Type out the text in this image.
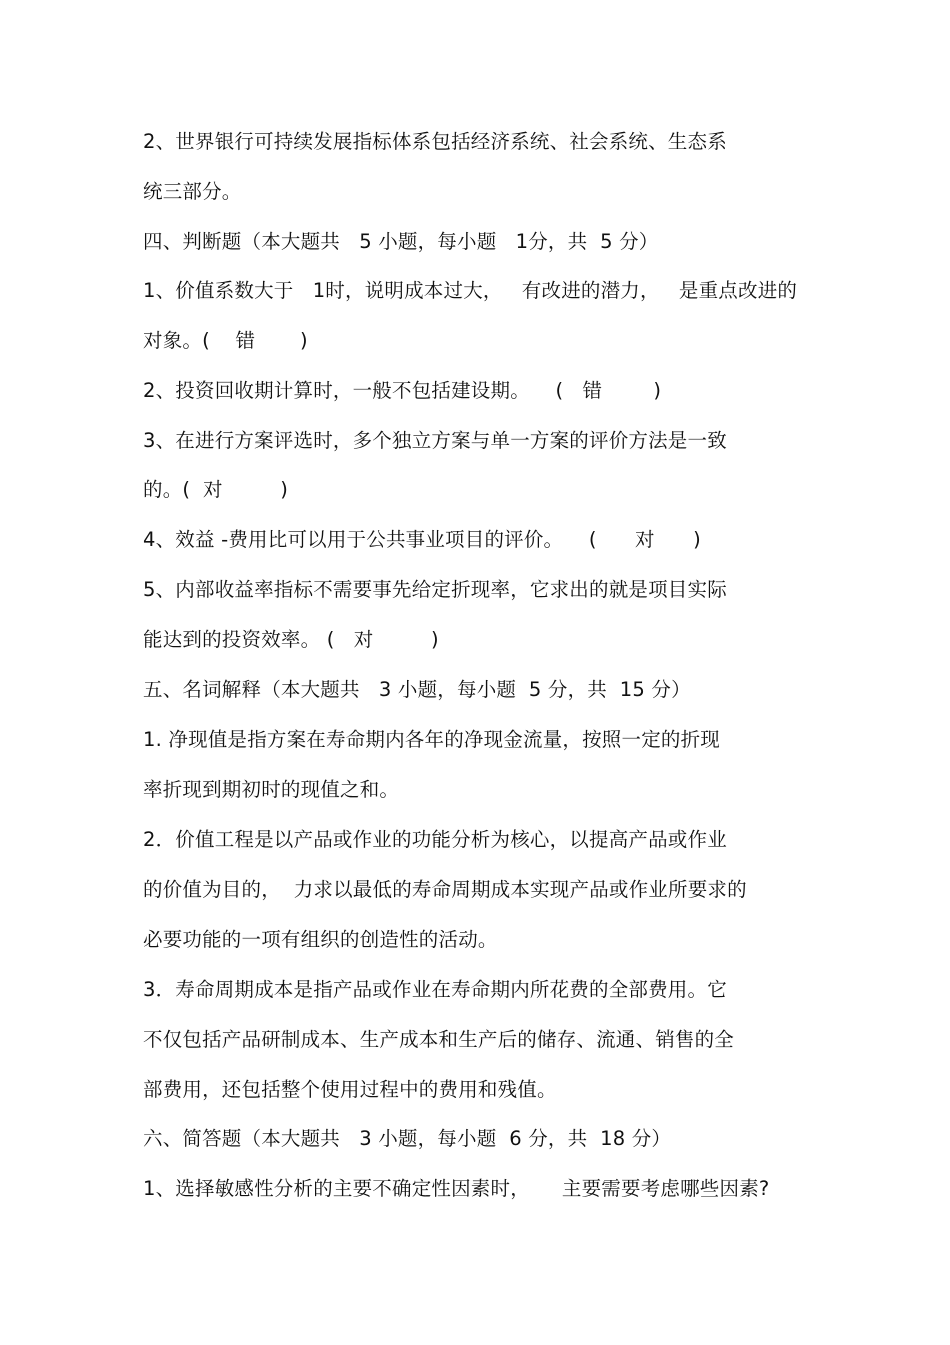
2、世界银行可持续发展指标体系包括经济系统、社会系统、生态系
统三部分。
四、判断题（本大题共   5 小题，每小题   1分，共  5 分）
1、价值系数大于   1时，说明成本过大，   有改进的潜力，   是重点改进的
对象。(    错       )
2、投资回收期计算时，一般不包括建设期。    (   错        )
3、在进行方案评选时，多个独立方案与单一方案的评价方法是一致
的。(  对         )
4、效益 -费用比可以用于公共事业项目的评价。    (      对      )
5、内部收益率指标不需要事先给定折现率，它求出的就是项目实际
能达到的投资效率。 (   对         )
五、名词解释（本大题共   3 小题，每小题  5 分，共  15 分）
1. 净现值是指方案在寿命期内各年的净现金流量，按照一定的折现
率折现到期初时的现值之和。
2．价值工程是以产品或作业的功能分析为核心，以提高产品或作业
的价值为目的，  力求以最低的寿命周期成本实现产品或作业所要求的
必要功能的一项有组织的创造性的活动。
3．寿命周期成本是指产品或作业在寿命期内所花费的全部费用。它
不仅包括产品研制成本、生产成本和生产后的储存、流通、销售的全
部费用，还包括整个使用过程中的费用和残值。
六、简答题（本大题共   3 小题，每小题  6 分，共  18 分）
1、选择敏感性分析的主要不确定性因素时，     主要需要考虑哪些因素?
